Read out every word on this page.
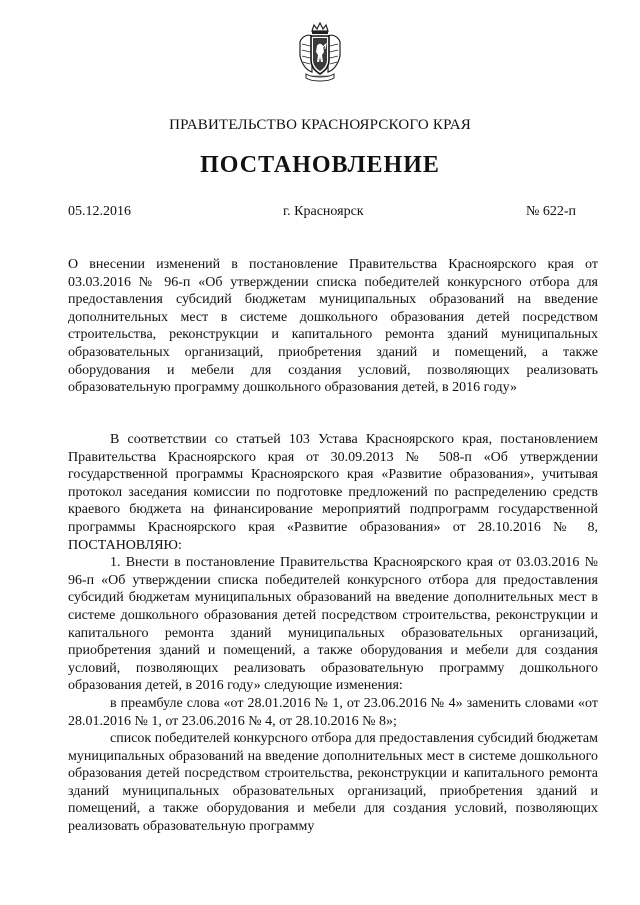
ПРАВИТЕЛЬСТВО КРАСНОЯРСКОГО КРАЯ
ПОСТАНОВЛЕНИЕ
05.12.2016	г. Красноярск	№ 622-п
О внесении изменений в постановление Правительства Красноярского края от 03.03.2016 № 96-п «Об утверждении списка победителей конкурсного отбора для предоставления субсидий бюджетам муниципальных образований на введение дополнительных мест в системе дошкольного образования детей посредством строительства, реконструкции и капитального ремонта зданий муниципальных образовательных организаций, приобретения зданий и помещений, а также оборудования и мебели для создания условий, позволяющих реализовать образовательную программу дошкольного образования детей, в 2016 году»

В соответствии со статьей 103 Устава Красноярского края, постановлением Правительства Красноярского края от 30.09.2013 № 508-п «Об утверждении государственной программы Красноярского края «Развитие образования», учитывая протокол заседания комиссии по подготовке предложений по распределению средств краевого бюджета на финансирование мероприятий подпрограмм государственной программы Красноярского края «Развитие образования» от 28.10.2016 № 8, ПОСТАНОВЛЯЮ:

1. Внести в постановление Правительства Красноярского края от 03.03.2016 № 96-п «Об утверждении списка победителей конкурсного отбора для предоставления субсидий бюджетам муниципальных образований на введение дополнительных мест в системе дошкольного образования детей посредством строительства, реконструкции и капитального ремонта зданий муниципальных образовательных организаций, приобретения зданий и помещений, а также оборудования и мебели для создания условий, позволяющих реализовать образовательную программу дошкольного образования детей, в 2016 году» следующие изменения:

в преамбуле слова «от 28.01.2016 № 1, от 23.06.2016 № 4» заменить словами «от 28.01.2016 № 1, от 23.06.2016 № 4, от 28.10.2016 № 8»;

список победителей конкурсного отбора для предоставления субсидий бюджетам муниципальных образований на введение дополнительных мест в системе дошкольного образования детей посредством строительства, реконструкции и капитального ремонта зданий муниципальных образовательных организаций, приобретения зданий и помещений, а также оборудования и мебели для создания условий, позволяющих реализовать образовательную программу
